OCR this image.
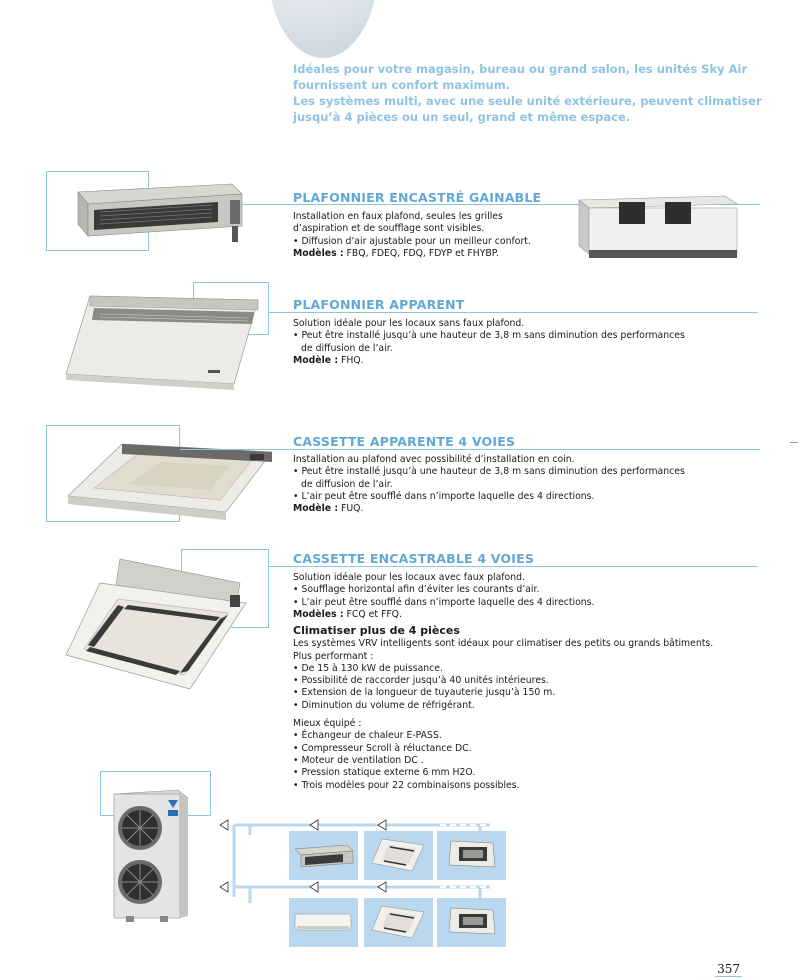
Idéales pour votre magasin, bureau ou grand salon, les unités Sky Air

fournissent un confort maximum.

Les systèmes multi, avec une seule unité extérieure, peuvent climatiser

jusqu’à 4 pièces ou un seul, grand et même espace.

PLAFONNIER ENCASTRÉ GAINABLE
Installation en faux plafond, seules les grilles
d’aspiration et de soufflage sont visibles.
• Diffusion d’air ajustable pour un meilleur confort.
Modèles : FBQ, FDEQ, FDQ, FDYP et FHYBP.
PLAFONNIER APPARENT
Solution idéale pour les locaux sans faux plafond.
• Peut être installé jusqu’à une hauteur de 3,8 m sans diminution des performances
de diffusion de l’air.
Modèle : FHQ.
CASSETTE APPARENTE 4 VOIES
Installation au plafond avec possibilité d’installation en coin.
• Peut être installé jusqu’à une hauteur de 3,8 m sans diminution des performances
de diffusion de l’air.
• L’air peut être soufflé dans n’importe laquelle des 4 directions.
Modèle : FUQ.
CASSETTE ENCASTRABLE 4 VOIES
Solution idéale pour les locaux avec faux plafond.
• Soufflage horizontal afin d’éviter les courants d’air.
• L’air peut être soufflé dans n’importe laquelle des 4 directions.
Modèles : FCQ et FFQ.
Climatiser plus de 4 pièces
Les systèmes VRV intelligents sont idéaux pour climatiser des petits ou grands bâtiments.
Plus performant :
• De 15 à 130 kW de puissance.
• Possibilité de raccorder jusqu’à 40 unités intérieures.
• Extension de la longueur de tuyauterie jusqu’à 150 m.
• Diminution du volume de réfrigérant.
Mieux équipé :
• Échangeur de chaleur E-PASS.
• Compresseur Scroll à réluctance DC.
• Moteur de ventilation DC .
• Pression statique externe 6 mm H2O.
• Trois modèles pour 22 combinaisons possibles.
357
